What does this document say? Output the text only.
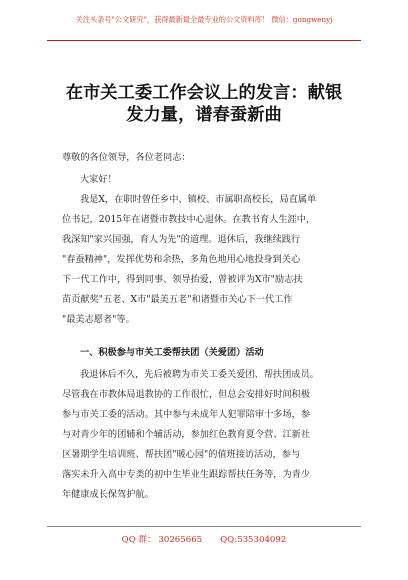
关注头条号"公文研究"，获得最新最全最专业的公文资料库！ 微信：gongwenyj
在市关工委工作会议上的发言：献银
发力量，谱春蚕新曲
尊敬的各位领导，各位老同志：
大家好！
我是X，在职时曾任乡中、镇校、市属职高校长，局直属单
位书记，2015年在诸暨市教技中心退休。在教书育人生涯中，
我深知"家兴国强，育人为先"的道理。退休后，我继续践行
"春蚕精神"，发挥优势和余热，多角色地用心地投身到关心
下一代工作中，得到同事、领导抬爱，曾被评为X市"励志扶
苗贡献奖"五老、X市"最美五老"和诸暨市关心下一代工作
"最美志愿者"等。
一、积极参与市关工委帮扶团（关爱团）活动
我退休后不久，先后被聘为市关工委关爱团、帮扶团成员。
尽管我在市教体局退教协的工作很忙，但总会安排好时间积极
参与市关工委的活动。其中参与未成年人犯罪陪审十多场，参
与对青少年的团辅和个辅活动，参加红色教育夏令营、江新社
区暑期学生培训班、帮扶团"暖心园"的值班接访活动，参与
落实未升入高中专类的初中生毕业生跟踪帮扶任务等，为青少
年健康成长保驾护航。
QQ 群： 30265665 QQ:535304092
